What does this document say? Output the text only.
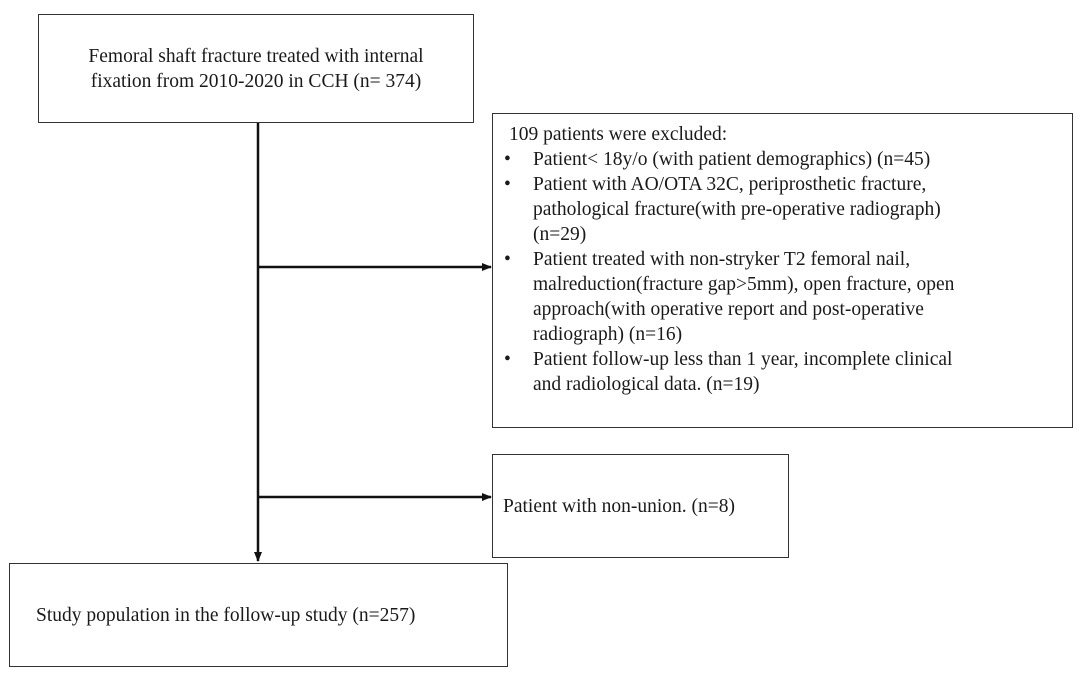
Femoral shaft fracture treated with internal
fixation from 2010-2020 in CCH (n= 374)
109 patients were excluded:
• Patient< 18y/o (with patient demographics) (n=45)
• Patient with AO/OTA 32C, periprosthetic fracture,
pathological fracture(with pre-operative radiograph)
(n=29)
• Patient treated with non-stryker T2 femoral nail,
malreduction(fracture gap>5mm), open fracture, open
approach(with operative report and post-operative
radiograph) (n=16)
• Patient follow-up less than 1 year, incomplete clinical
and radiological data. (n=19)
Patient with non-union. (n=8)
Study population in the follow-up study (n=257)
